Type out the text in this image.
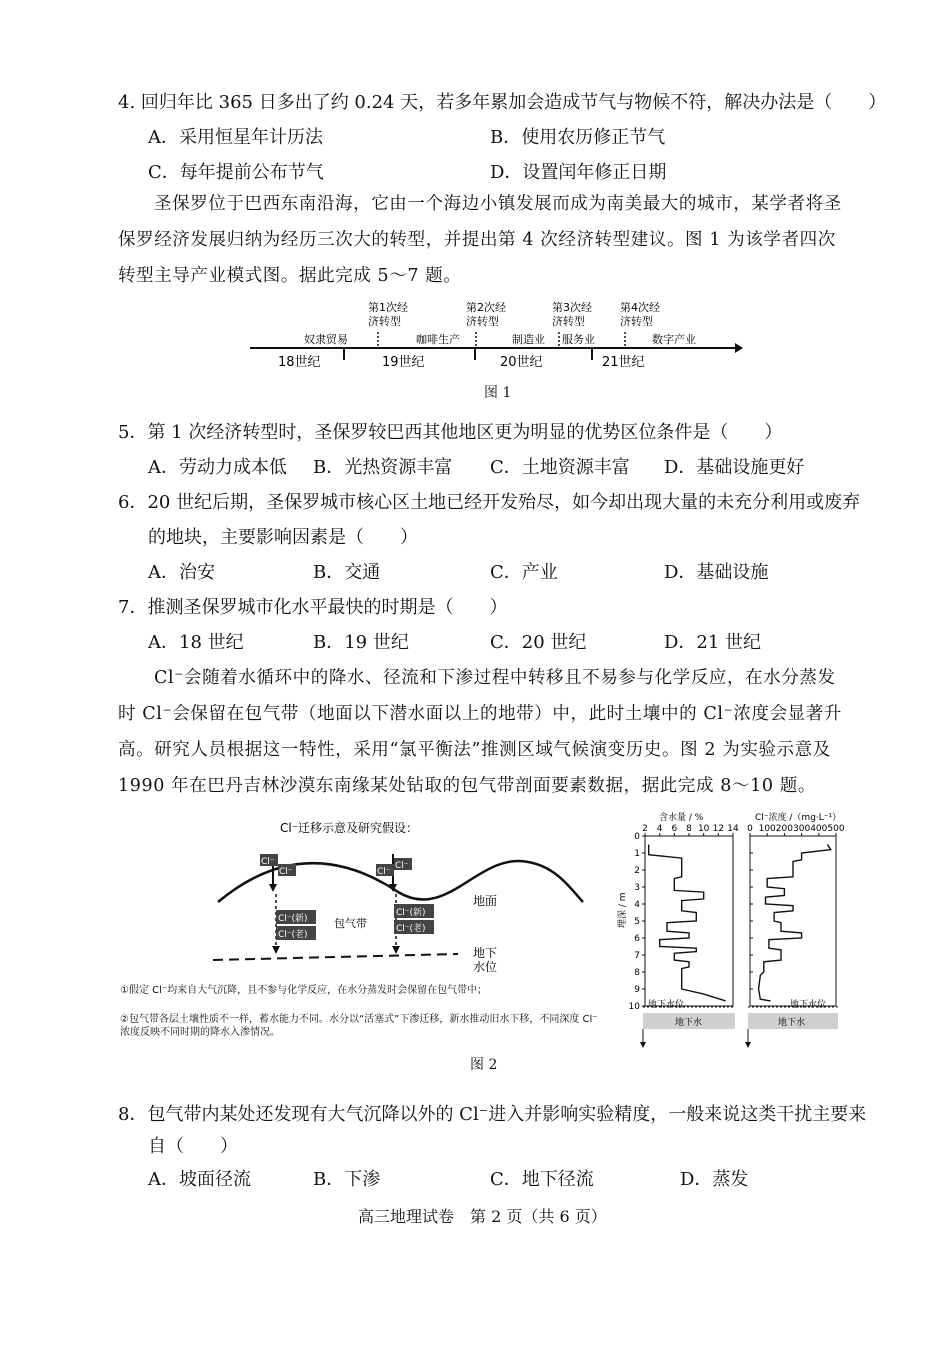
4. 回归年比 365 日多出了约 0.24 天，若多年累加会造成节气与物候不符，解决办法是（　　）
A．采用恒星年计历法	B．使用农历修正节气
C．每年提前公布节气	D．设置闰年修正日期
圣保罗位于巴西东南沿海，它由一个海边小镇发展而成为南美最大的城市，某学者将圣保罗经济发展归纳为经历三次大的转型，并提出第 4 次经济转型建议。图 1 为该学者四次转型主导产业模式图。据此完成 5～7 题。
第1次经
济转型
第2次经
济转型
第3次经
济转型
第4次经
济转型
奴隶贸易	咖啡生产	制造业 服务业	数字产业
18世纪	19世纪	20世纪	21世纪
图 1
5．第 1 次经济转型时，圣保罗较巴西其他地区更为明显的优势区位条件是（　　）
A．劳动力成本低 B．光热资源丰富 C．土地资源丰富 D．基础设施更好
6．20 世纪后期，圣保罗城市核心区土地已经开发殆尽，如今却出现大量的未充分利用或废弃
的地块，主要影响因素是（　　）
A．治安	B．交通	C．产业	D．基础设施
7．推测圣保罗城市化水平最快的时期是（　　）
A．18 世纪	B．19 世纪	C．20 世纪	D．21 世纪
Cl⁻会随着水循环中的降水、径流和下渗过程中转移且不易参与化学反应，在水分蒸发时 Cl⁻会保留在包气带（地面以下潜水面以上的地带）中，此时土壤中的 Cl⁻浓度会显著升高。研究人员根据这一特性，采用“氯平衡法”推测区域气候演变历史。图 2 为实验示意及 1990 年在巴丹吉林沙漠东南缘某处钻取的包气带剖面要素数据，据此完成 8～10 题。
Cl⁻迁移示意及研究假设：
地面
地下
水位
包气带
Cl⁻
Cl⁻
Cl⁻(新)
Cl⁻(老)
Cl⁻
Cl⁻
Cl⁻(新)
Cl⁻(老)
①假定 Cl⁻均来自大气沉降，且不参与化学反应，在水分蒸发时会保留在包气带中；
②包气带各层土壤性质不一样，蓄水能力不同。水分以“活塞式”下渗迁移，新水推动旧水下移，不同深度 Cl⁻浓度反映不同时期的降水入渗情况。
含水量 / %	Cl⁻浓度 /（mg·L⁻¹）
埋深 / m
2 4 6 8 10 12 14
0
1
2
3
4
5
6
7
8
9
10
0 100 200 300 400 500
地下水位	地下水位
地下水	地下水
图 2
8．包气带内某处还发现有大气沉降以外的 Cl⁻进入并影响实验精度，一般来说这类干扰主要来
自（　　）
A．坡面径流	B．下渗	C．地下径流	D．蒸发
高三地理试卷　第 2 页（共 6 页）
